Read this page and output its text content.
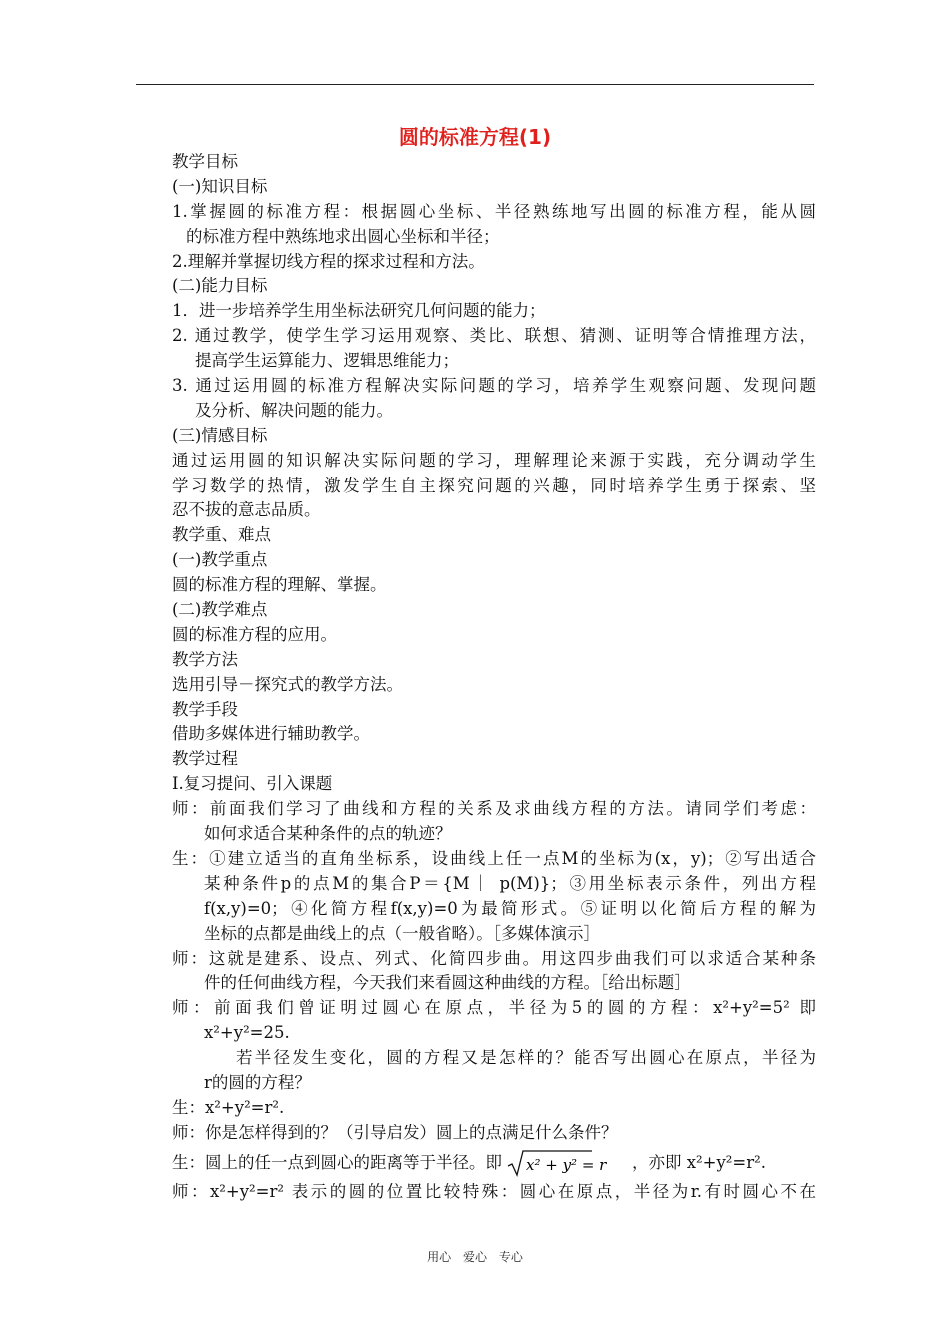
圆的标准方程(1)
教学目标
(一)知识目标
1.掌握圆的标准方程：根据圆心坐标、半径熟练地写出圆的标准方程，能从圆
的标准方程中熟练地求出圆心坐标和半径；
2.理解并掌握切线方程的探求过程和方法。
(二)能力目标
1．进一步培养学生用坐标法研究几何问题的能力；
2. 通过教学，使学生学习运用观察、类比、联想、猜测、证明等合情推理方法，
提高学生运算能力、逻辑思维能力；
3. 通过运用圆的标准方程解决实际问题的学习，培养学生观察问题、发现问题
及分析、解决问题的能力。
(三)情感目标
通过运用圆的知识解决实际问题的学习，理解理论来源于实践，充分调动学生
学习数学的热情，激发学生自主探究问题的兴趣，同时培养学生勇于探索、坚
忍不拔的意志品质。
教学重、难点
(一)教学重点
圆的标准方程的理解、掌握。
(二)教学难点
圆的标准方程的应用。
教学方法
选用引导－探究式的教学方法。
教学手段
借助多媒体进行辅助教学。
教学过程
Ⅰ.复习提问、引入课题
师：前面我们学习了曲线和方程的关系及求曲线方程的方法。请同学们考虑：
如何求适合某种条件的点的轨迹？
生：①建立适当的直角坐标系，设曲线上任一点M的坐标为(x，y)；②写出适合
某种条件p的点M的集合P＝{M｜ p(M)}；③用坐标表示条件，列出方程
f(x,y)=0；④化简方程f(x,y)=0为最简形式。⑤证明以化简后方程的解为
坐标的点都是曲线上的点（一般省略）。［多媒体演示］
师：这就是建系、设点、列式、化简四步曲。用这四步曲我们可以求适合某种条
件的任何曲线方程，今天我们来看圆这种曲线的方程。［给出标题］
师：前面我们曾证明过圆心在原点，半径为5的圆的方程：x²+y²=5² 即
x²+y²=25.
若半径发生变化，圆的方程又是怎样的？能否写出圆心在原点，半径为
r的圆的方程？
生：x²+y²=r².
师：你是怎样得到的？（引导启发）圆上的点满足什么条件？
生：圆上的任一点到圆心的距离等于半径。即 x² + y² = r ，亦即 x²+y²=r².
师：x²+y²=r² 表示的圆的位置比较特殊：圆心在原点，半径为r.有时圆心不在
用心 爱心 专心
